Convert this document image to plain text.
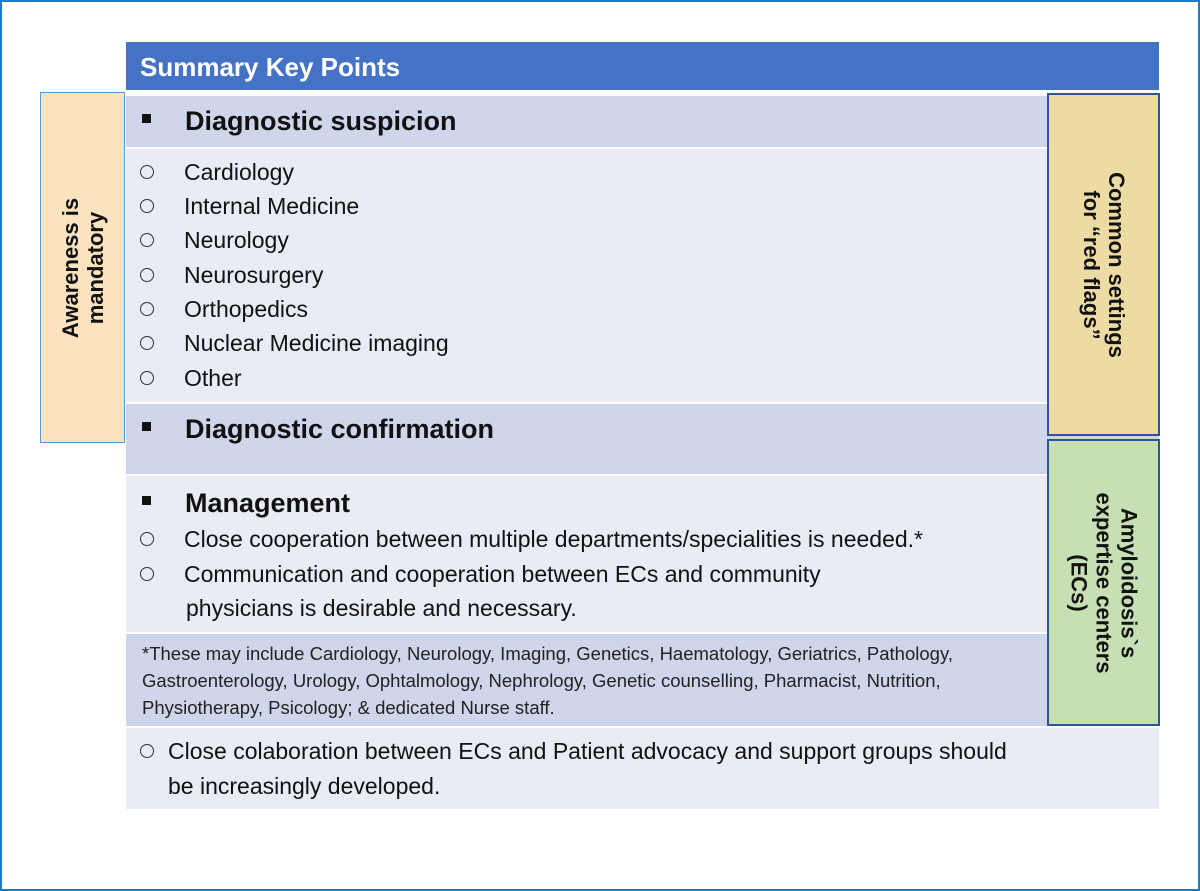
Summary Key Points
Diagnostic suspicion
Cardiology
Internal Medicine
Neurology
Neurosurgery
Orthopedics
Nuclear Medicine imaging
Other
Diagnostic confirmation
Management
Close cooperation between multiple departments/specialities is needed.*
Communication and cooperation between ECs and community
physicians is desirable and necessary.
*These may include Cardiology, Neurology, Imaging, Genetics, Haematology, Geriatrics, Pathology,
Gastroenterology, Urology, Ophtalmology, Nephrology, Genetic counselling, Pharmacist, Nutrition,
Physiotherapy, Psicology; & dedicated Nurse staff.
Close colaboration between ECs and Patient advocacy and support groups should
be increasingly developed.
Awareness is mandatory	Common settings
for “red flags”
Amyloidosis`s
expertise centers
(ECs)
